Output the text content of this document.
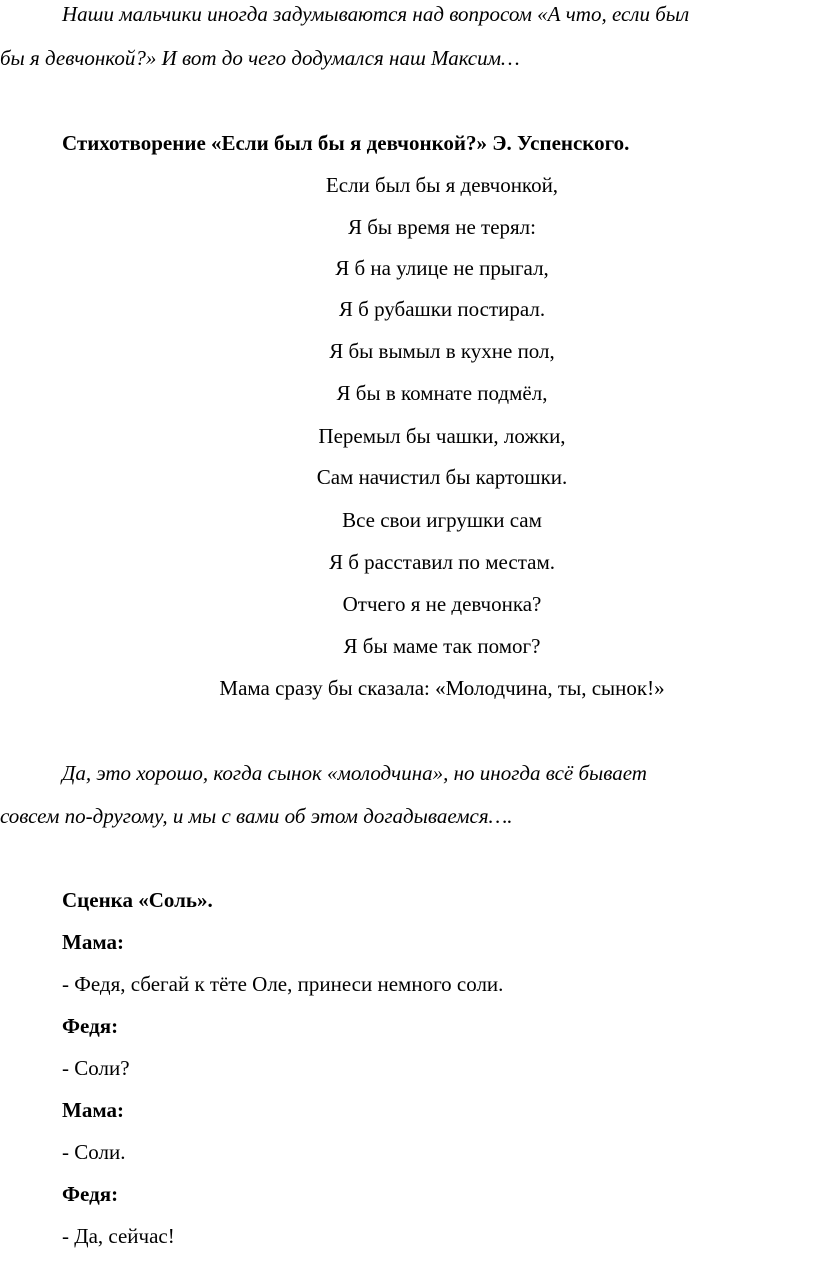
Наши мальчики иногда задумываются над вопросом «А что, если был
бы я девчонкой?» И вот до чего додумался наш Максим…
Стихотворение «Если был бы я девчонкой?» Э. Успенского.
Если был бы я девчонкой,
Я бы время не терял:
Я б на улице не прыгал,
Я б рубашки постирал.
Я бы вымыл в кухне пол,
Я бы в комнате подмёл,
Перемыл бы чашки, ложки,
Сам начистил бы картошки.
Все свои игрушки сам
Я б расставил по местам.
Отчего я не девчонка?
Я бы маме так помог?
Мама сразу бы сказала: «Молодчина, ты, сынок!»
Да, это хорошо, когда сынок «молодчина», но иногда всё бывает
совсем по-другому, и мы с вами об этом догадываемся….
Сценка «Соль».
Мама:
- Федя, сбегай к тёте Оле, принеси немного соли.
Федя:
- Соли?
Мама:
- Соли.
Федя:
- Да, сейчас!
